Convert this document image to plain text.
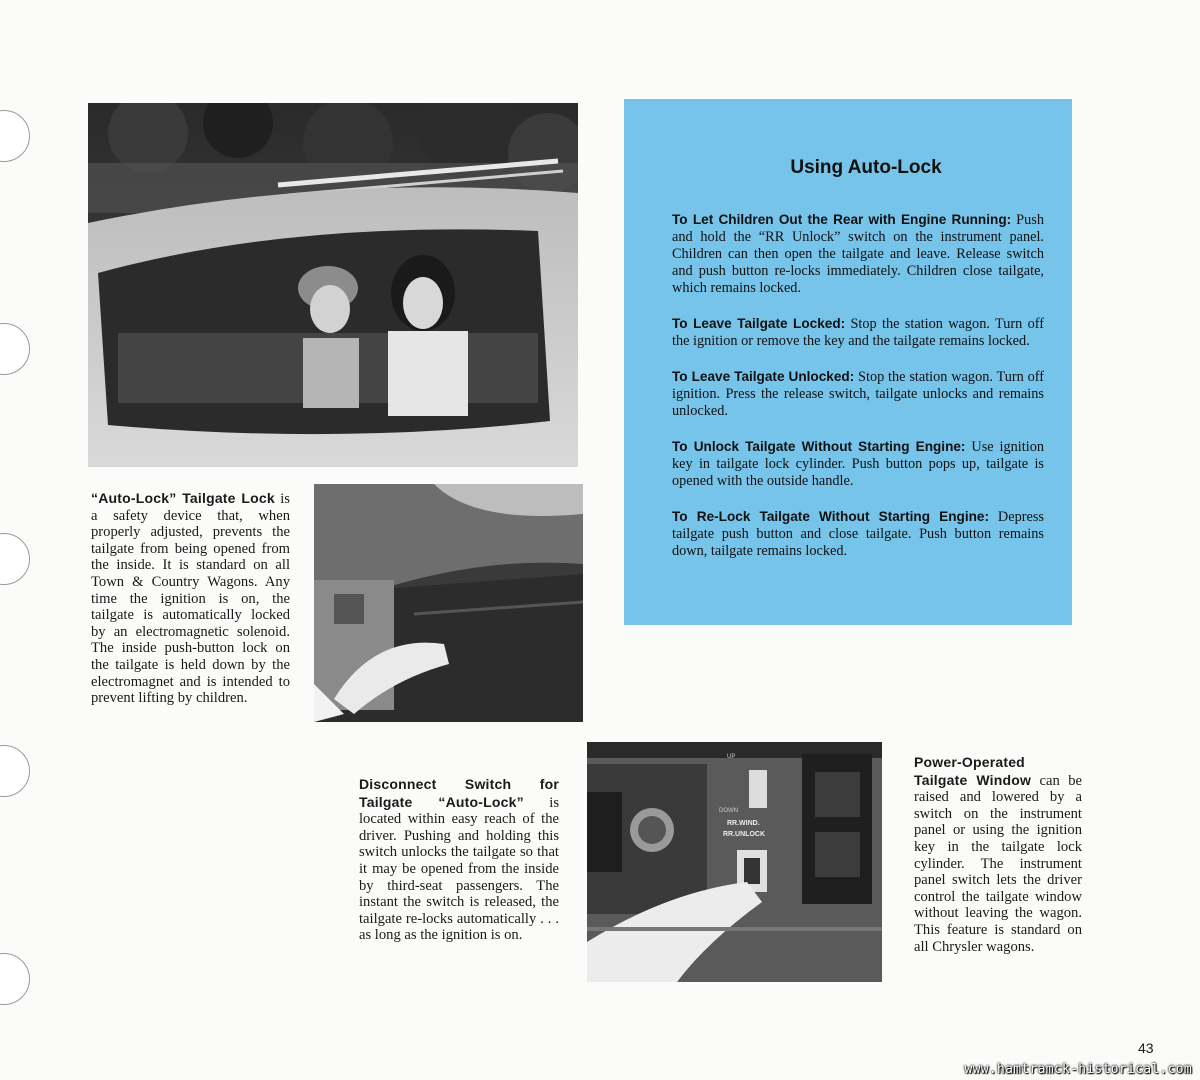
UP
DOWN
RR.WIND.
RR.UNLOCK
“Auto-Lock” Tailgate Lock is a safety device that, when properly adjusted, prevents the tailgate from being opened from the inside. It is standard on all Town & Country Wagons. Any time the ignition is on, the tailgate is automatically locked by an electromagnetic solenoid. The inside push-button lock on the tailgate is held down by the electromagnet and is intended to prevent lifting by children.
Disconnect Switch for Tailgate “Auto-Lock” is located within easy reach of the driver. Pushing and holding this switch unlocks the tailgate so that it may be opened from the inside by third-seat passengers. The instant the switch is released, the tailgate re-locks automatically . . . as long as the ignition is on.
Power-Operated Tailgate Window can be raised and lowered by a switch on the instrument panel or using the ignition key in the tailgate lock cylinder. The instrument panel switch lets the driver control the tailgate window without leaving the wagon. This feature is standard on all Chrysler wagons.
Using Auto-Lock
To Let Children Out the Rear with Engine Running: Push and hold the “RR Unlock” switch on the instrument panel. Children can then open the tailgate and leave. Release switch and push button re-locks immediately. Children close tailgate, which remains locked.
To Leave Tailgate Locked: Stop the station wagon. Turn off the ignition or remove the key and the tailgate remains locked.
To Leave Tailgate Unlocked: Stop the station wagon. Turn off ignition. Press the release switch, tailgate unlocks and remains unlocked.
To Unlock Tailgate Without Starting Engine: Use ignition key in tailgate lock cylinder. Push button pops up, tailgate is opened with the outside handle.
To Re-Lock Tailgate Without Starting Engine: Depress tailgate push button and close tailgate. Push button remains down, tailgate remains locked.
43
www.hamtramck-historical.com
